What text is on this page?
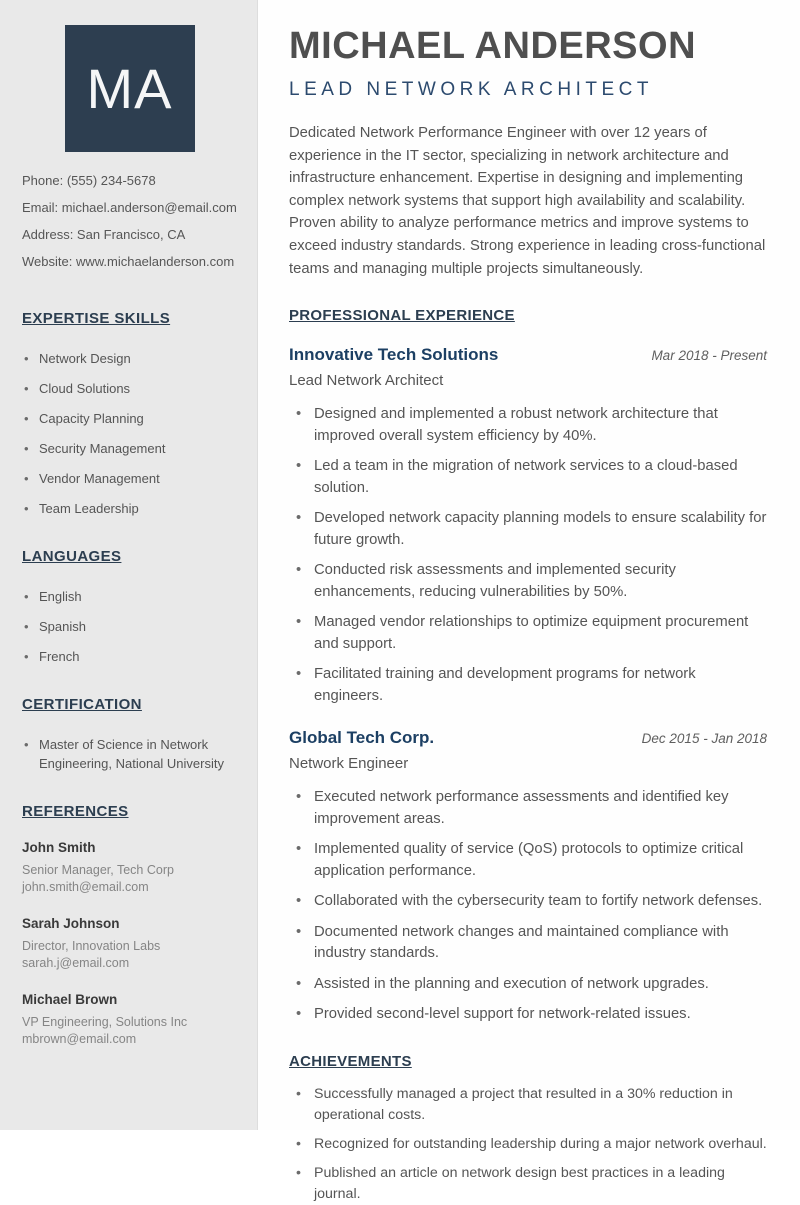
MA
Phone: (555) 234-5678
Email: michael.anderson@email.com
Address: San Francisco, CA
Website: www.michaelanderson.com
EXPERTISE SKILLS
• Network Design
• Cloud Solutions
• Capacity Planning
• Security Management
• Vendor Management
• Team Leadership
LANGUAGES
• English
• Spanish
• French
CERTIFICATION
• Master of Science in Network Engineering, National University
REFERENCES
John Smith
Senior Manager, Tech Corp
john.smith@email.com
Sarah Johnson
Director, Innovation Labs
sarah.j@email.com
Michael Brown
VP Engineering, Solutions Inc
mbrown@email.com
MICHAEL ANDERSON
LEAD NETWORK ARCHITECT

Dedicated Network Performance Engineer with over 12 years of experience in the IT sector, specializing in network architecture and infrastructure enhancement. Expertise in designing and implementing complex network systems that support high availability and scalability. Proven ability to analyze performance metrics and improve systems to exceed industry standards. Strong experience in leading cross-functional teams and managing multiple projects simultaneously.

PROFESSIONAL EXPERIENCE
Innovative Tech Solutions	Mar 2018 - Present
Lead Network Architect
• Designed and implemented a robust network architecture that improved overall system efficiency by 40%.
• Led a team in the migration of network services to a cloud-based solution.
• Developed network capacity planning models to ensure scalability for future growth.
• Conducted risk assessments and implemented security enhancements, reducing vulnerabilities by 50%.
• Managed vendor relationships to optimize equipment procurement and support.
• Facilitated training and development programs for network engineers.
Global Tech Corp.	Dec 2015 - Jan 2018
Network Engineer
• Executed network performance assessments and identified key improvement areas.
• Implemented quality of service (QoS) protocols to optimize critical application performance.
• Collaborated with the cybersecurity team to fortify network defenses.
• Documented network changes and maintained compliance with industry standards.
• Assisted in the planning and execution of network upgrades.
• Provided second-level support for network-related issues.
ACHIEVEMENTS
• Successfully managed a project that resulted in a 30% reduction in operational costs.
• Recognized for outstanding leadership during a major network overhaul.
• Published an article on network design best practices in a leading journal.
